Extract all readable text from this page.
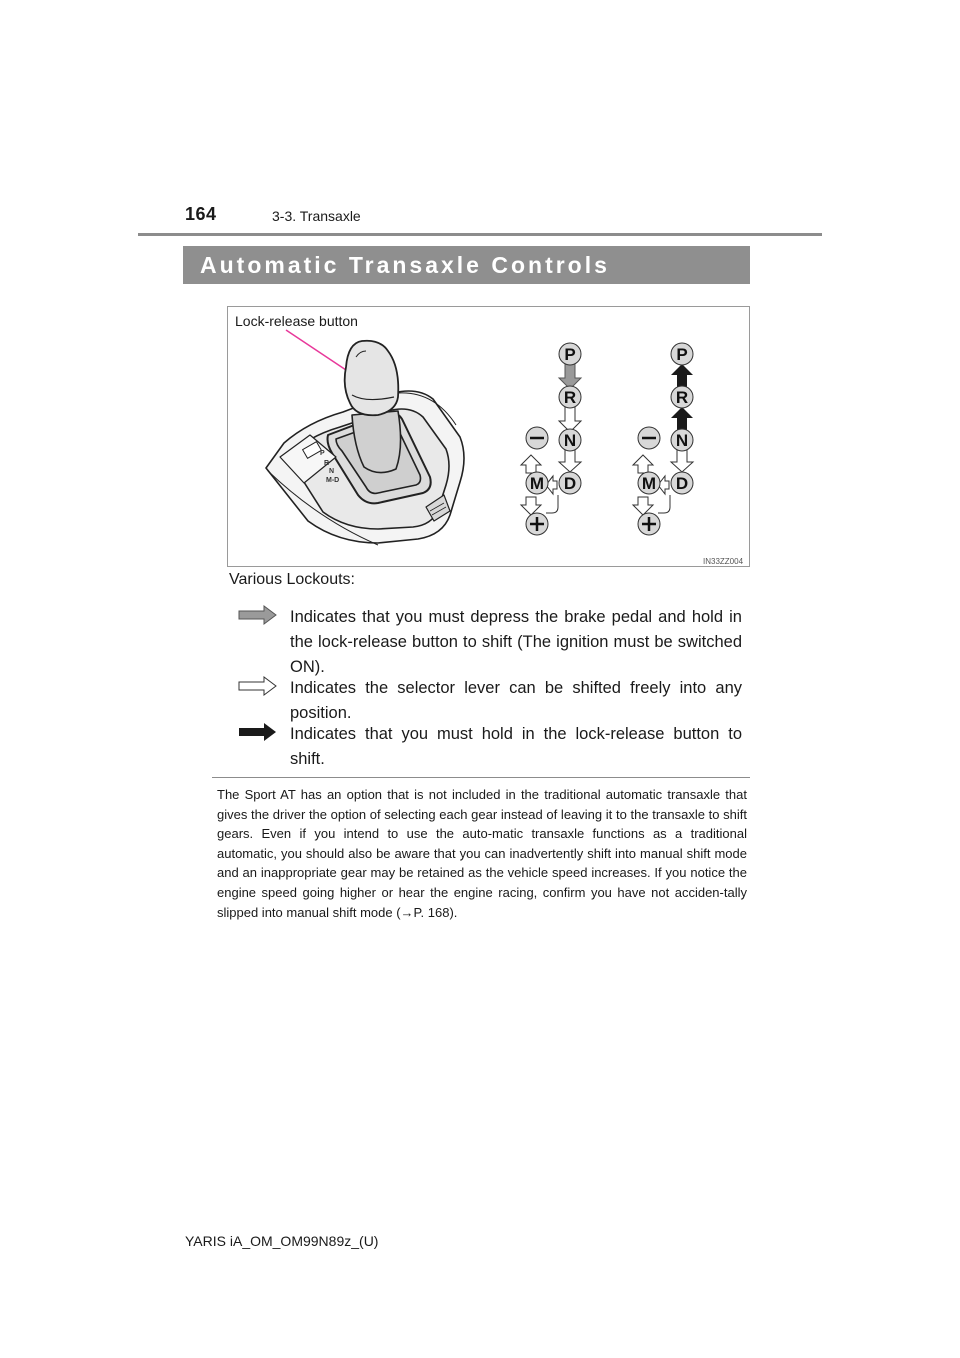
164	3-3. Transaxle
Automatic Transaxle Controls
P
R
N
M-D
P
R
N
D
M
P
R
N
D
M
Lock-release button
IN33ZZ004
Various Lockouts:
Indicates that you must depress the brake pedal and hold in the lock-release button to shift (The ignition must be switched ON).
Indicates the selector lever can be shifted freely into any position.
Indicates that you must hold in the lock-release button to shift.
The Sport AT has an option that is not included in the traditional automatic transaxle that gives the driver the option of selecting each gear instead of leaving it to the transaxle to shift gears. Even if you intend to use the auto-matic transaxle functions as a traditional automatic, you should also be aware that you can inadvertently shift into manual shift mode and an inappropriate gear may be retained as the vehicle speed increases. If you notice the engine speed going higher or hear the engine racing, confirm you have not acciden-tally slipped into manual shift mode (→P. 168).
YARIS iA_OM_OM99N89z_(U)
